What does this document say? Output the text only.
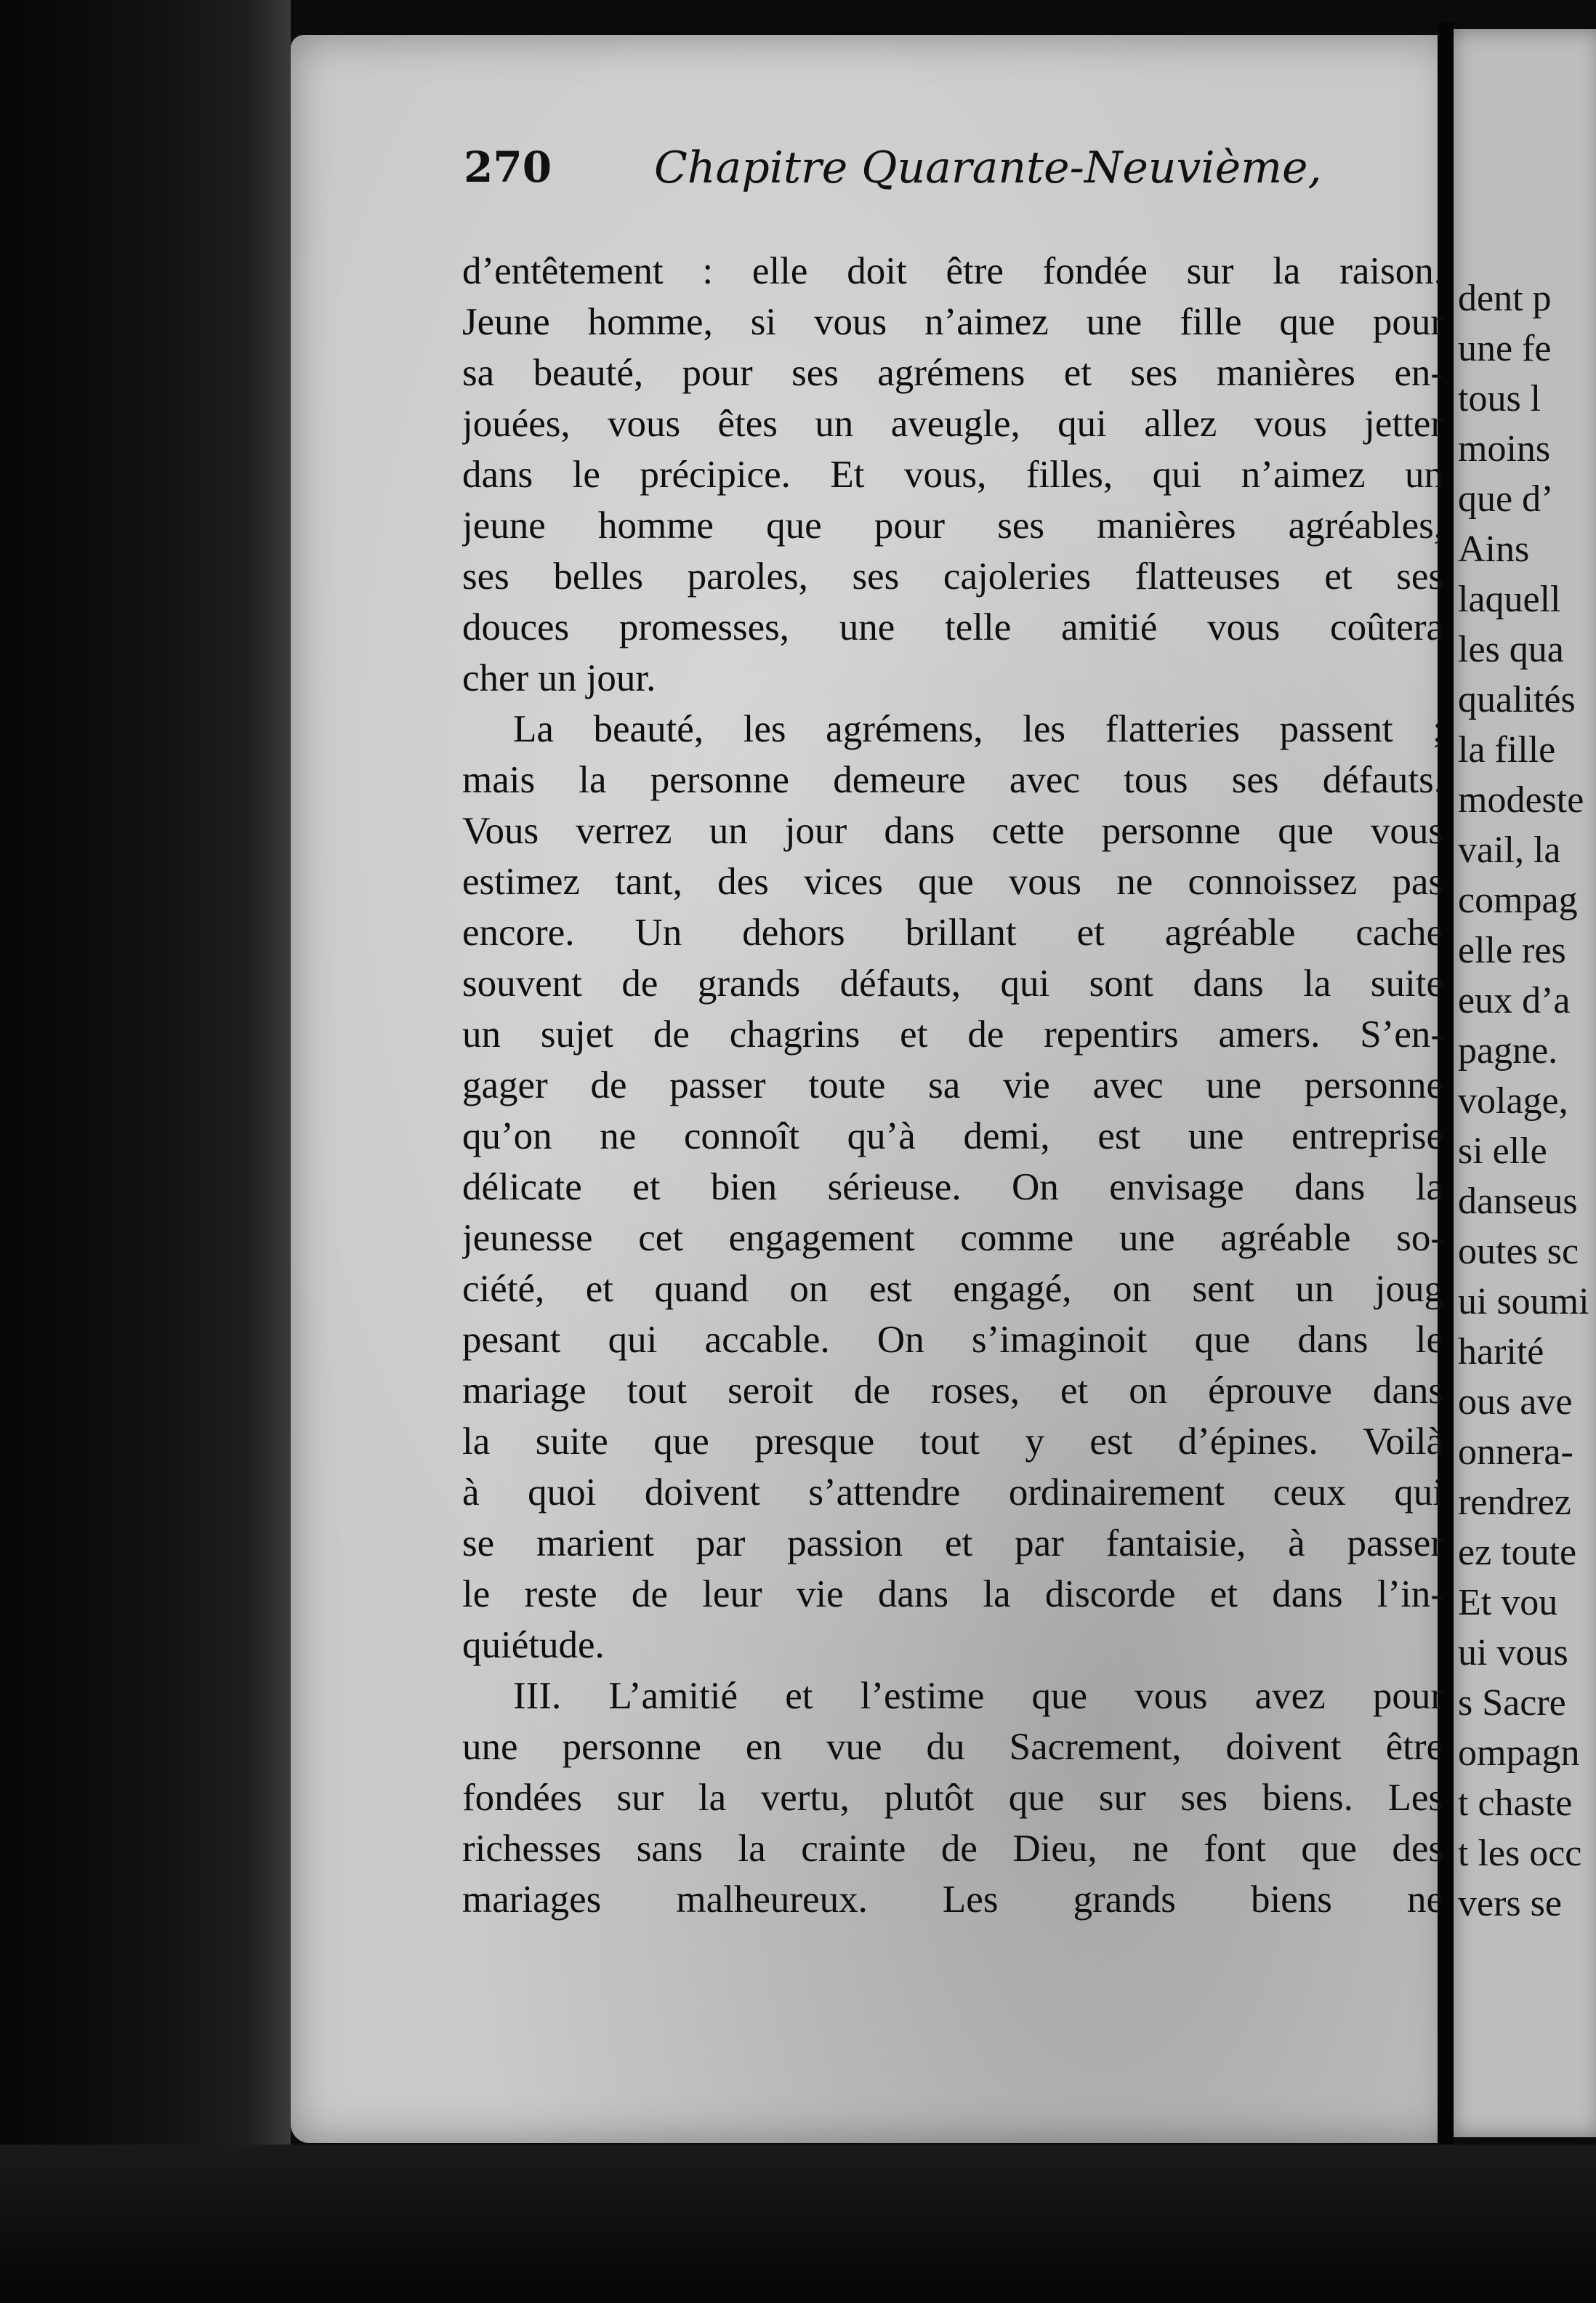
270 Chapitre Quarante-Neuvième,
d’entêtement : elle doit être fondée sur la raison.
Jeune homme, si vous n’aimez une fille que pour
sa beauté, pour ses agrémens et ses manières en-
jouées, vous êtes un aveugle, qui allez vous jetter
dans le précipice. Et vous, filles, qui n’aimez un
jeune homme que pour ses manières agréables,
ses belles paroles, ses cajoleries flatteuses et ses
douces promesses, une telle amitié vous coûtera
cher un jour.
La beauté, les agrémens, les flatteries passent ;
mais la personne demeure avec tous ses défauts.
Vous verrez un jour dans cette personne que vous
estimez tant, des vices que vous ne connoissez pas
encore. Un dehors brillant et agréable cache
souvent de grands défauts, qui sont dans la suite
un sujet de chagrins et de repentirs amers. S’en-
gager de passer toute sa vie avec une personne
qu’on ne connoît qu’à demi, est une entreprise
délicate et bien sérieuse. On envisage dans la
jeunesse cet engagement comme une agréable so-
ciété, et quand on est engagé, on sent un joug
pesant qui accable. On s’imaginoit que dans le
mariage tout seroit de roses, et on éprouve dans
la suite que presque tout y est d’épines. Voilà
à quoi doivent s’attendre ordinairement ceux qui
se marient par passion et par fantaisie, à passer
le reste de leur vie dans la discorde et dans l’in-
quiétude.
III. L’amitié et l’estime que vous avez pour
une personne en vue du Sacrement, doivent être
fondées sur la vertu, plutôt que sur ses biens. Les
richesses sans la crainte de Dieu, ne font que des
mariages malheureux. Les grands biens ne
dent p
une fe
tous l
moins
que d’
Ains
laquell
les qua
qualités
la fille
modeste
vail, la
compag
elle res
eux d’a
pagne.
volage,
si elle
danseus
outes sc
ui soumi
harité
ous ave
onnera-
rendrez
ez toute
Et vou
ui vous
s Sacre
ompagn
t chaste
t les occ
vers se
